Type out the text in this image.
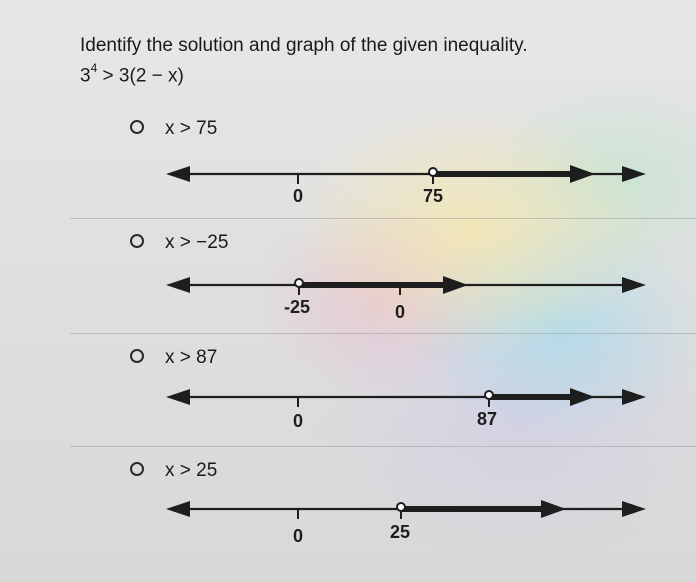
Identify the solution and graph of the given inequality.
$3^4 > 3(2 - x)$
x > 75
0	75
x > −25
-25	0
x > 87
0	87
x > 25
0	25
